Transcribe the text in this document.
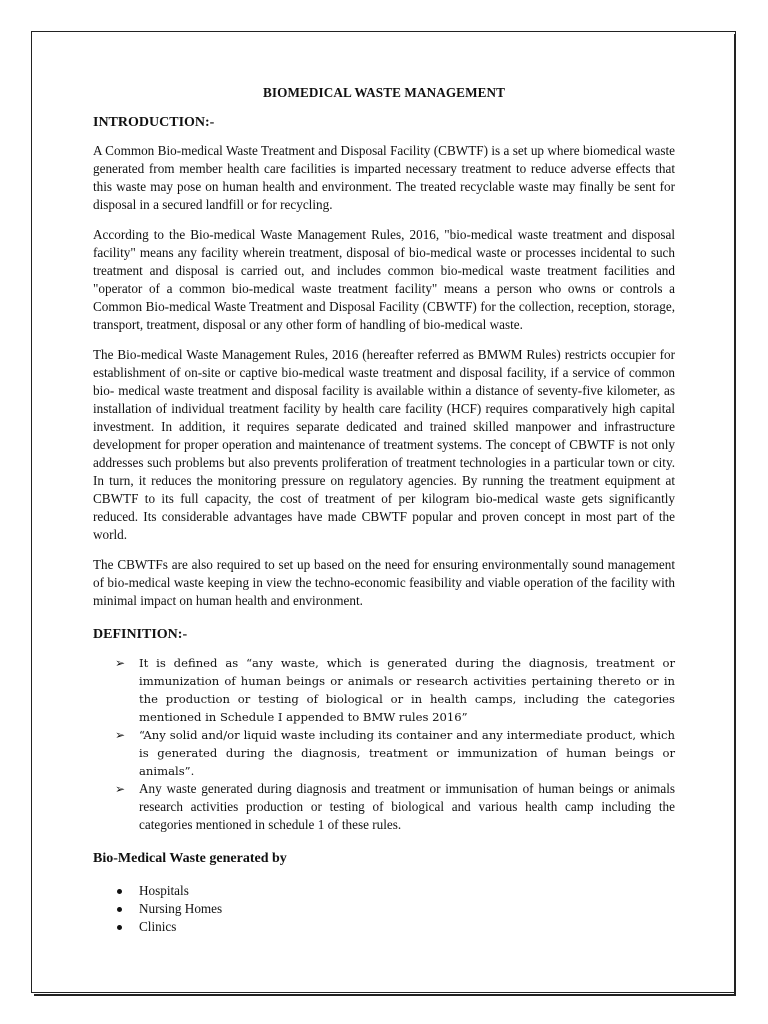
BIOMEDICAL WASTE MANAGEMENT
INTRODUCTION:-

A Common Bio-medical Waste Treatment and Disposal Facility (CBWTF) is a set up where biomedical waste generated from member health care facilities is imparted necessary treatment to reduce adverse effects that this waste may pose on human health and environment. The treated recyclable waste may finally be sent for disposal in a secured landfill or for recycling.

According to the Bio-medical Waste Management Rules, 2016, "bio-medical waste treatment and disposal facility" means any facility wherein treatment, disposal of bio-medical waste or processes incidental to such treatment and disposal is carried out, and includes common bio-medical waste treatment facilities and "operator of a common bio-medical waste treatment facility" means a person who owns or controls a Common Bio-medical Waste Treatment and Disposal Facility (CBWTF) for the collection, reception, storage, transport, treatment, disposal or any other form of handling of bio-medical waste.

The Bio-medical Waste Management Rules, 2016 (hereafter referred as BMWM Rules) restricts occupier for establishment of on-site or captive bio-medical waste treatment and disposal facility, if a service of common bio- medical waste treatment and disposal facility is available within a distance of seventy-five kilometer, as installation of individual treatment facility by health care facility (HCF) requires comparatively high capital investment. In addition, it requires separate dedicated and trained skilled manpower and infrastructure development for proper operation and maintenance of treatment systems. The concept of CBWTF is not only addresses such problems but also prevents proliferation of treatment technologies in a particular town or city. In turn, it reduces the monitoring pressure on regulatory agencies. By running the treatment equipment at CBWTF to its full capacity, the cost of treatment of per kilogram bio-medical waste gets significantly reduced. Its considerable advantages have made CBWTF popular and proven concept in most part of the world.

The CBWTFs are also required to set up based on the need for ensuring environmentally sound management of bio-medical waste keeping in view the techno-economic feasibility and viable operation of the facility with minimal impact on human health and environment.

DEFINITION:-
➢ It is defined as “any waste, which is generated during the diagnosis, treatment or immunization of human beings or animals or research activities pertaining thereto or in the production or testing of biological or in health camps, including the categories mentioned in Schedule I appended to BMW rules 2016”
➢ “Any solid and/or liquid waste including its container and any intermediate product, which is generated during the diagnosis, treatment or immunization of human beings or animals”.
➢ Any waste generated during diagnosis and treatment or immunisation of human beings or animals research activities production or testing of biological and various health camp including the categories mentioned in schedule 1 of these rules.
Bio-Medical Waste generated by
Hospitals
Nursing Homes
Clinics
